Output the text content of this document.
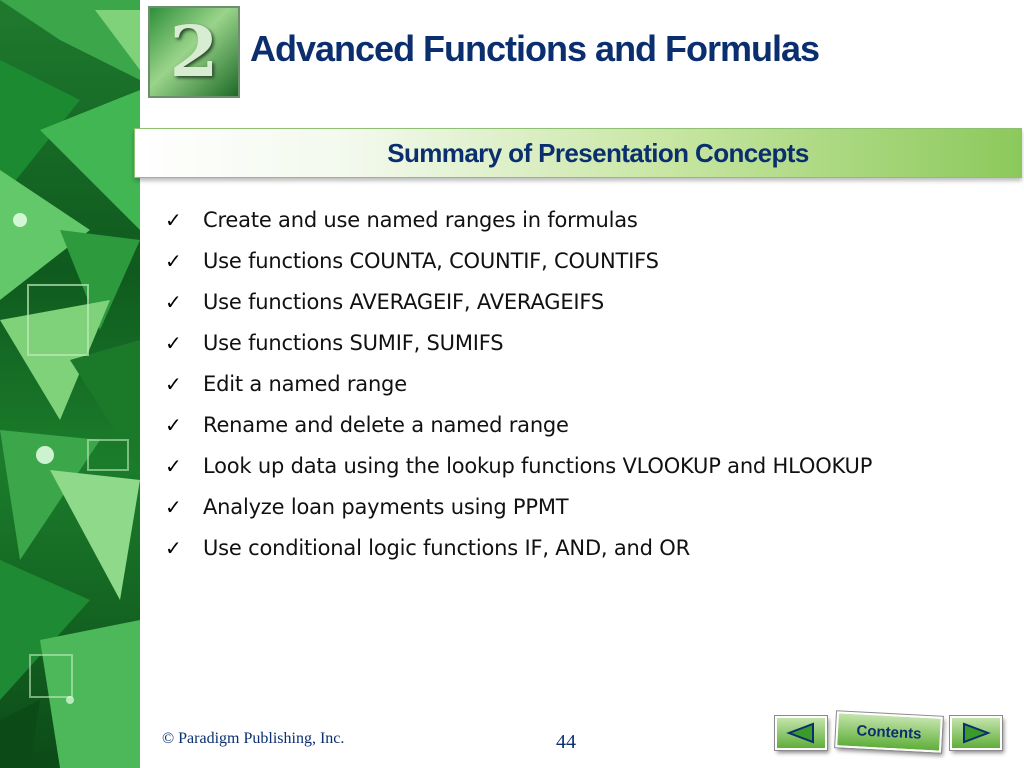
2 Advanced Functions and Formulas
Summary of Presentation Concepts
✓	Create and use named ranges in formulas
✓	Use functions COUNTA, COUNTIF, COUNTIFS
✓	Use functions AVERAGEIF, AVERAGEIFS
✓	Use functions SUMIF, SUMIFS
✓	Edit a named range
✓	Rename and delete a named range
✓	Look up data using the lookup functions VLOOKUP and HLOOKUP
✓	Analyze loan payments using PPMT
✓	Use conditional logic functions IF, AND, and OR
© Paradigm Publishing, Inc.	44	Contents
